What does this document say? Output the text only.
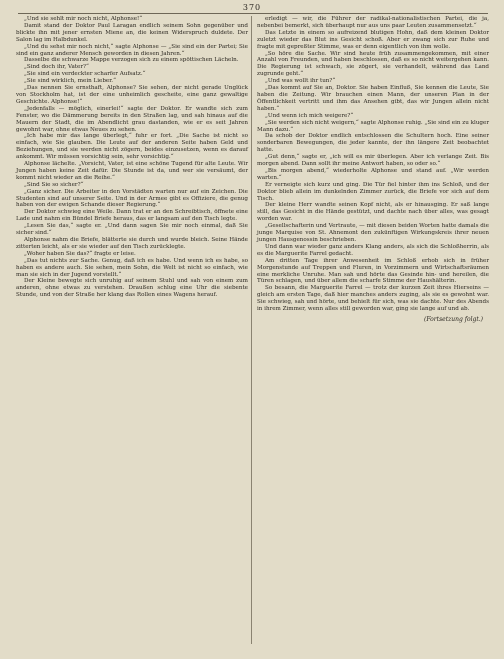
370

„Und sie sehlt mir noch nicht, Alphonse!“

Damit stand der Doktor Paul Laragan endlich seinem Sohn gegenüber und blickte ihn mit jener ernsten Miene an, die keinen Widerspruch duldete. Der Salon lag im Halbdunkel.

„Und du sehst mir noch nicht,“ sagte Alphonse — „Sie sind ein der Partei; Sie sind ein ganz anderer Mensch geworden in diesen Jahren.“

Dasselbe die schwarze Mappe verzogen sich zu einem spöttischen Lächeln.

„Sind doch ihr, Vater?“

„Sie sind ein verdeckter scharfer Aufsatz.“

„Sie sind wirklich, mein Lieber.“

„Das nennen Sie ernsthaft, Alphonse? Sie sehen, der nicht gerade Unglück von Stockholm hat, ist der eine unheimlich gescheite, eine ganz gewaltige Geschichte. Alphonse!“

„Jedenfalls — möglich, einerlei!“ sagte der Doktor. Er wandte sich zum Fenster, wo die Dämmerung bereits in den Straßen lag, und sah hinaus auf die Mauern der Stadt, die im Abendlicht grau dastanden, wie er es seit Jahren gewohnt war, ohne etwas Neues zu sehen.

„Ich habe mir das lange überlegt,“ fuhr er fort. „Die Sache ist nicht so einfach, wie Sie glauben. Die Leute auf der anderen Seite haben Geld und Beziehungen, und sie werden nicht zögern, beides einzusetzen, wenn es darauf ankommt. Wir müssen vorsichtig sein, sehr vorsichtig.“

Alphonse lächelte. „Vorsicht, Vater, ist eine schöne Tugend für alte Leute. Wir Jungen haben keine Zeit dafür. Die Stunde ist da, und wer sie versäumt, der kommt nicht wieder an die Reihe.“

„Sind Sie so sicher?“

„Ganz sicher. Die Arbeiter in den Vorstädten warten nur auf ein Zeichen. Die Studenten sind auf unserer Seite. Und in der Armee gibt es Offiziere, die genug haben von der ewigen Schande dieser Regierung.“

Der Doktor schwieg eine Weile. Dann trat er an den Schreibtisch, öffnete eine Lade und nahm ein Bündel Briefe heraus, das er langsam auf den Tisch legte.

„Lesen Sie das,“ sagte er. „Und dann sagen Sie mir noch einmal, daß Sie sicher sind.“

Alphonse nahm die Briefe, blätterte sie durch und wurde bleich. Seine Hände zitterten leicht, als er sie wieder auf den Tisch zurücklegte.

„Woher haben Sie das?“ fragte er leise.

„Das tut nichts zur Sache. Genug, daß ich es habe. Und wenn ich es habe, so haben es andere auch. Sie sehen, mein Sohn, die Welt ist nicht so einfach, wie man sie sich in der Jugend vorstellt.“

Der Kleine bewegte sich unruhig auf seinem Stuhl und sah von einem zum anderen, ohne etwas zu verstehen. Draußen schlug eine Uhr die siebente Stunde, und von der Straße her klang das Rollen eines Wagens herauf.

erledigt — wir, die Führer der radikal-nationalistischen Partei, die ja, nebenbei bemerkt, sich überhaupt nur aus uns paar Leuten zusammensetzt.“

Das Letzte in einem so aufreizend blutigen Hohn, daß dem kleinen Doktor zuletzt wieder das Blut ins Gesicht schoß. Aber er zwang sich zur Ruhe und fragte mit gepreßter Stimme, was er denn eigentlich von ihm wolle.

„So höre die Sache. Wir sind heute früh zusammengekommen, mit einer Anzahl von Freunden, und haben beschlossen, daß es so nicht weitergehen kann. Die Regierung ist schwach, sie zögert, sie verhandelt, während das Land zugrunde geht.“

„Und was wollt ihr tun?“

„Das kommt auf Sie an, Doktor. Sie haben Einfluß, Sie kennen die Leute, Sie haben die Zeitung. Wir brauchen einen Mann, der unseren Plan in der Öffentlichkeit vertritt und ihm das Ansehen gibt, das wir Jungen allein nicht haben.“

„Und wenn ich mich weigere?“

„Sie werden sich nicht weigern,“ sagte Alphonse ruhig. „Sie sind ein zu kluger Mann dazu.“

Da schob der Doktor endlich entschlossen die Schultern hoch. Eine seiner sonderbaren Bewegungen, die jeder kannte, der ihn längere Zeit beobachtet hatte.

„Gut denn,“ sagte er, „ich will es mir überlegen. Aber ich verlange Zeit. Bis morgen abend. Dann sollt ihr meine Antwort haben, so oder so.“

„Bis morgen abend,“ wiederholte Alphonse und stand auf. „Wir werden warten.“

Er verneigte sich kurz und ging. Die Tür fiel hinter ihm ins Schloß, und der Doktor blieb allein im dunkelnden Zimmer zurück, die Briefe vor sich auf dem Tisch.

Der kleine Herr wandte seinen Kopf nicht, als er hinausging. Er saß lange still, das Gesicht in die Hände gestützt, und dachte nach über alles, was gesagt worden war.

„Gesellschafterin und Vertraute, — mit diesen beiden Worten hatte damals die junge Marquise von St. Ahnemont den zukünftigen Wirkungskreis ihrer neuen jungen Hausgenossin beschrieben.

Und dann war wieder ganz anders Klang anders, als sich die Schloßherrin, als es die Marguerite Farrel gedacht.

Am dritten Tage ihrer Anwesenheit im Schloß erhob sich in früher Morgenstunde auf Treppen und Fluren, in Vorzimmern und Wirtschaftsräumen eine merkliche Unruhe. Man sah und hörte das Gesinde hin- und hereilen, die Türen schlagen, und über allem die scharfe Stimme der Haushälterin.

So besann, die Marguerite Farrel — trotz der kurzen Zeit ihres Hierseins — gleich am ersten Tage, daß hier manches anders zuging, als sie es gewohnt war. Sie schwieg, sah und hörte, und behielt für sich, was sie dachte. Nur des Abends in ihrem Zimmer, wenn alles still geworden war, ging sie lange auf und ab.

(Fortsetzung folgt.)
